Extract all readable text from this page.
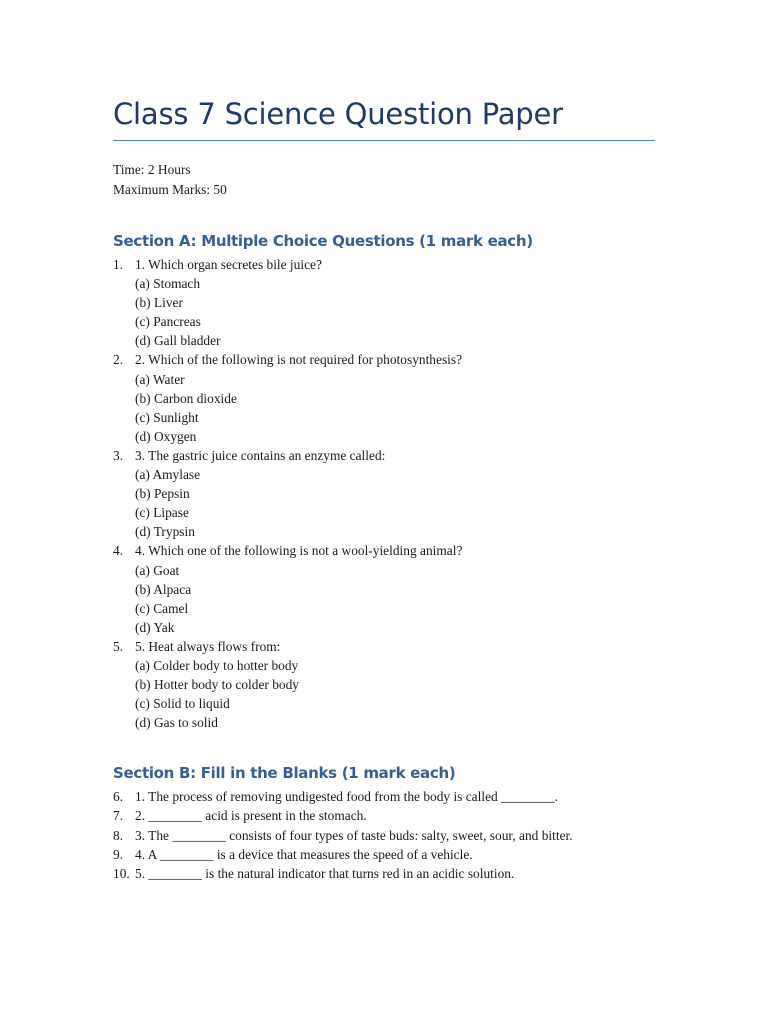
Class 7 Science Question Paper
Time: 2 Hours
Maximum Marks: 50
Section A: Multiple Choice Questions (1 mark each)
1. 1. Which organ secretes bile juice?
(a) Stomach
(b) Liver
(c) Pancreas
(d) Gall bladder
2. 2. Which of the following is not required for photosynthesis?
(a) Water
(b) Carbon dioxide
(c) Sunlight
(d) Oxygen
3. 3. The gastric juice contains an enzyme called:
(a) Amylase
(b) Pepsin
(c) Lipase
(d) Trypsin
4. 4. Which one of the following is not a wool-yielding animal?
(a) Goat
(b) Alpaca
(c) Camel
(d) Yak
5. 5. Heat always flows from:
(a) Colder body to hotter body
(b) Hotter body to colder body
(c) Solid to liquid
(d) Gas to solid
Section B: Fill in the Blanks (1 mark each)
6. 1. The process of removing undigested food from the body is called ________.
7. 2. ________ acid is present in the stomach.
8. 3. The ________ consists of four types of taste buds: salty, sweet, sour, and bitter.
9. 4. A ________ is a device that measures the speed of a vehicle.
10. 5. ________ is the natural indicator that turns red in an acidic solution.
